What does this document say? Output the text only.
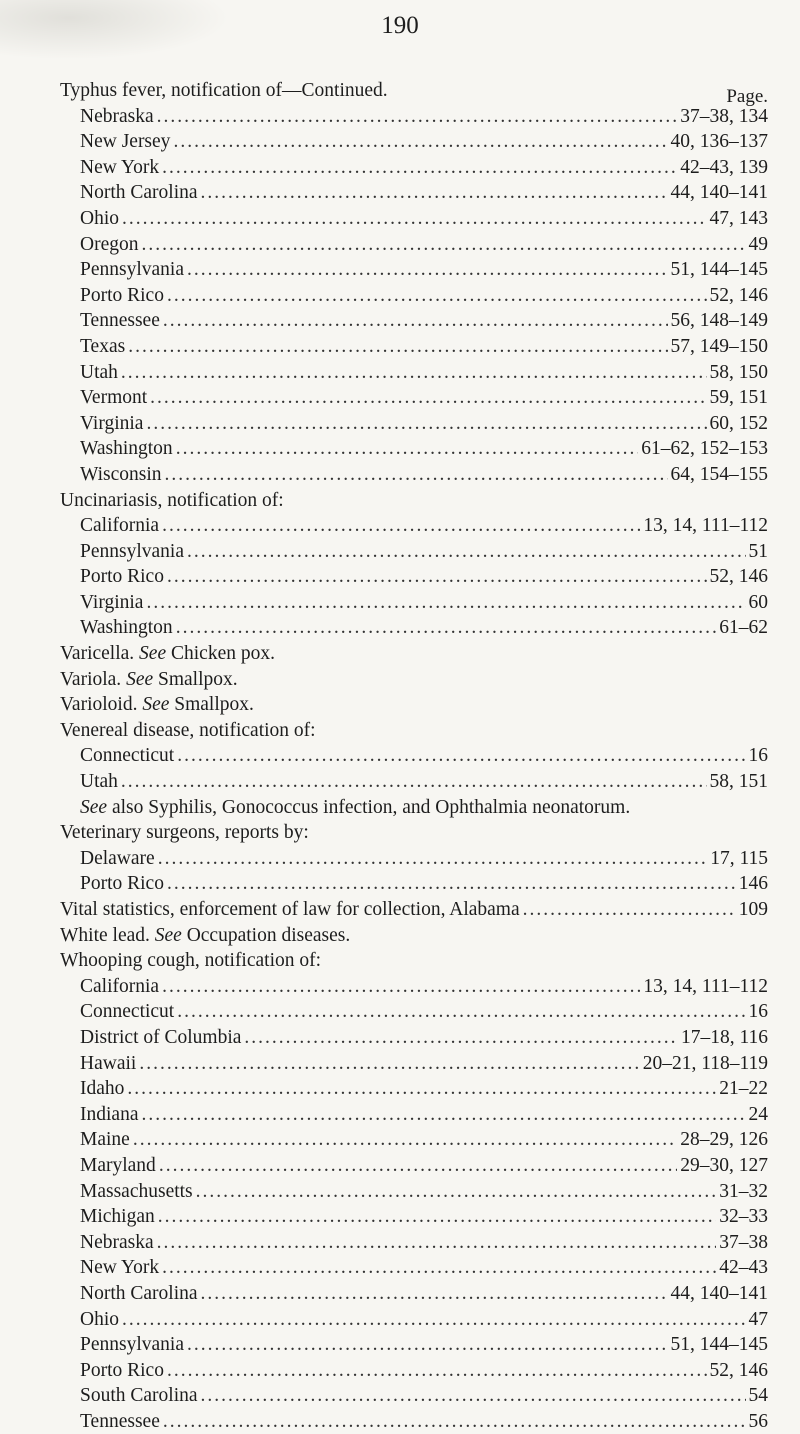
190
Page.
Typhus fever, notification of—Continued.
Nebraska .....	37–38, 134
New Jersey .....	40, 136–137
New York .....	42–43, 139
North Carolina .....	44, 140–141
Ohio .....	47, 143
Oregon .....	49
Pennsylvania .....	51, 144–145
Porto Rico .....	52, 146
Tennessee .....	56, 148–149
Texas .....	57, 149–150
Utah .....	58, 150
Vermont .....	59, 151
Virginia .....	60, 152
Washington .....	61–62, 152–153
Wisconsin .....	64, 154–155
Uncinariasis, notification of:
California .....	13, 14, 111–112
Pennsylvania .....	51
Porto Rico .....	52, 146
Virginia .....	60
Washington .....	61–62
Varicella. See Chicken pox.
Variola. See Smallpox.
Varioloid. See Smallpox.
Venereal disease, notification of:
Connecticut .....	16
Utah .....	58, 151
See also Syphilis, Gonococcus infection, and Ophthalmia neonatorum.
Veterinary surgeons, reports by:
Delaware .....	17, 115
Porto Rico .....	146
Vital statistics, enforcement of law for collection, Alabama .....	109
White lead. See Occupation diseases.
Whooping cough, notification of:
California .....	13, 14, 111–112
Connecticut .....	16
District of Columbia .....	17–18, 116
Hawaii .....	20–21, 118–119
Idaho .....	21–22
Indiana .....	24
Maine .....	28–29, 126
Maryland .....	29–30, 127
Massachusetts .....	31–32
Michigan .....	32–33
Nebraska .....	37–38
New York .....	42–43
North Carolina .....	44, 140–141
Ohio .....	47
Pennsylvania .....	51, 144–145
Porto Rico .....	52, 146
South Carolina .....	54
Tennessee .....	56
